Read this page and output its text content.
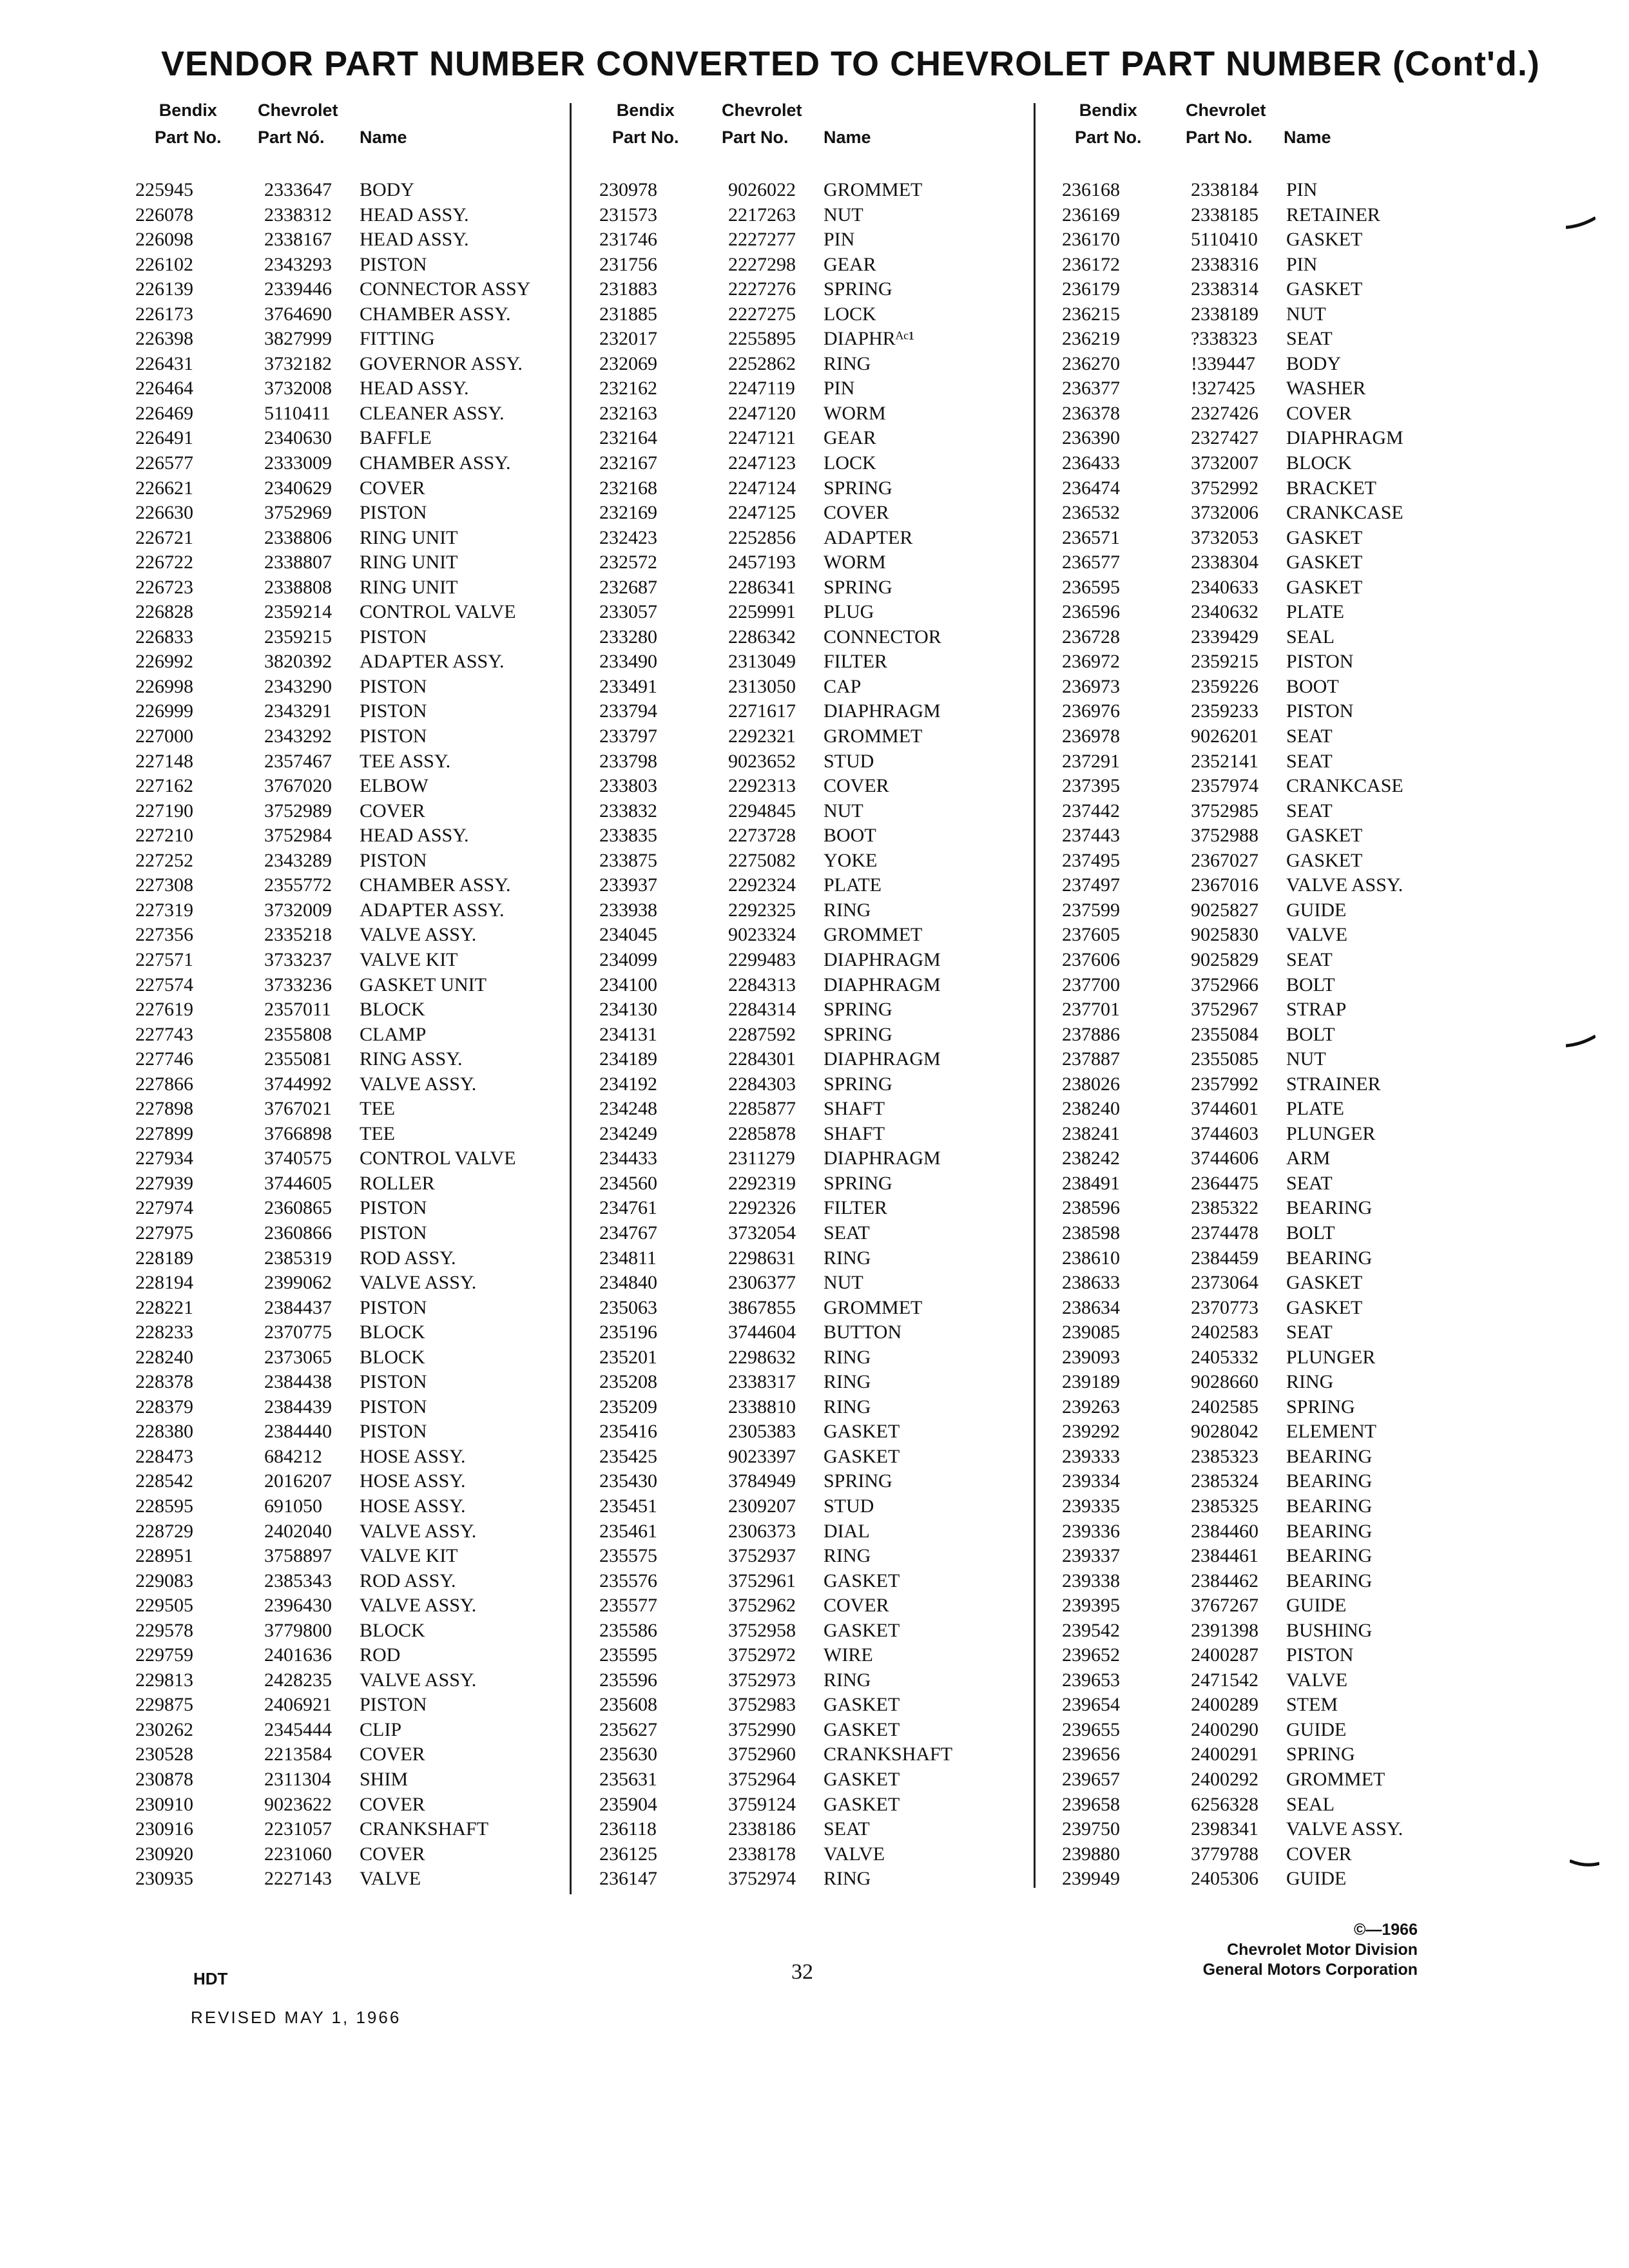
VENDOR PART NUMBER CONVERTED TO CHEVROLET PART NUMBER (Cont'd.)
Bendix
Part No.
Chevrolet
Part Nó.	Name
225945	2333647 BODY
226078	2338312 HEAD ASSY.
226098	2338167 HEAD ASSY.
226102	2343293 PISTON
226139	2339446 CONNECTOR ASSY
226173	3764690 CHAMBER ASSY.
226398	3827999 FITTING
226431	3732182 GOVERNOR ASSY.
226464	3732008 HEAD ASSY.
226469	5110411 CLEANER ASSY.
226491	2340630 BAFFLE
226577	2333009 CHAMBER ASSY.
226621	2340629 COVER
226630	3752969 PISTON
226721	2338806 RING UNIT
226722	2338807 RING UNIT
226723	2338808 RING UNIT
226828	2359214 CONTROL VALVE
226833	2359215 PISTON
226992	3820392 ADAPTER ASSY.
226998	2343290 PISTON
226999	2343291 PISTON
227000	2343292 PISTON
227148	2357467 TEE ASSY.
227162	3767020 ELBOW
227190	3752989 COVER
227210	3752984 HEAD ASSY.
227252	2343289 PISTON
227308	2355772 CHAMBER ASSY.
227319	3732009 ADAPTER ASSY.
227356	2335218 VALVE ASSY.
227571	3733237 VALVE KIT
227574	3733236 GASKET UNIT
227619	2357011 BLOCK
227743	2355808 CLAMP
227746	2355081 RING ASSY.
227866	3744992 VALVE ASSY.
227898	3767021 TEE
227899	3766898 TEE
227934	3740575 CONTROL VALVE
227939	3744605 ROLLER
227974	2360865 PISTON
227975	2360866 PISTON
228189	2385319 ROD ASSY.
228194	2399062 VALVE ASSY.
228221	2384437 PISTON
228233	2370775 BLOCK
228240	2373065 BLOCK
228378	2384438 PISTON
228379	2384439 PISTON
228380	2384440 PISTON
228473	684212 HOSE ASSY.
228542	2016207 HOSE ASSY.
228595	691050 HOSE ASSY.
228729	2402040 VALVE ASSY.
228951	3758897 VALVE KIT
229083	2385343 ROD ASSY.
229505	2396430 VALVE ASSY.
229578	3779800 BLOCK
229759	2401636 ROD
229813	2428235 VALVE ASSY.
229875	2406921 PISTON
230262	2345444 CLIP
230528	2213584 COVER
230878	2311304 SHIM
230910	9023622 COVER
230916	2231057 CRANKSHAFT
230920	2231060 COVER
230935	2227143 VALVE
Bendix
Part No.
Chevrolet
Part No.	Name
230978	9026022 GROMMET
231573	2217263 NUT
231746	2227277 PIN
231756	2227298 GEAR
231883	2227276 SPRING
231885	2227275 LOCK
232017	2255895 DIAPHRᴬᶜ¹
232069	2252862 RING
232162	2247119 PIN
232163	2247120 WORM
232164	2247121 GEAR
232167	2247123 LOCK
232168	2247124 SPRING
232169	2247125 COVER
232423	2252856 ADAPTER
232572	2457193 WORM
232687	2286341 SPRING
233057	2259991 PLUG
233280	2286342 CONNECTOR
233490	2313049 FILTER
233491	2313050 CAP
233794	2271617 DIAPHRAGM
233797	2292321 GROMMET
233798	9023652 STUD
233803	2292313 COVER
233832	2294845 NUT
233835	2273728 BOOT
233875	2275082 YOKE
233937	2292324 PLATE
233938	2292325 RING
234045	9023324 GROMMET
234099	2299483 DIAPHRAGM
234100	2284313 DIAPHRAGM
234130	2284314 SPRING
234131	2287592 SPRING
234189	2284301 DIAPHRAGM
234192	2284303 SPRING
234248	2285877 SHAFT
234249	2285878 SHAFT
234433	2311279 DIAPHRAGM
234560	2292319 SPRING
234761	2292326 FILTER
234767	3732054 SEAT
234811	2298631 RING
234840	2306377 NUT
235063	3867855 GROMMET
235196	3744604 BUTTON
235201	2298632 RING
235208	2338317 RING
235209	2338810 RING
235416	2305383 GASKET
235425	9023397 GASKET
235430	3784949 SPRING
235451	2309207 STUD
235461	2306373 DIAL
235575	3752937 RING
235576	3752961 GASKET
235577	3752962 COVER
235586	3752958 GASKET
235595	3752972 WIRE
235596	3752973 RING
235608	3752983 GASKET
235627	3752990 GASKET
235630	3752960 CRANKSHAFT
235631	3752964 GASKET
235904	3759124 GASKET
236118	2338186 SEAT
236125	2338178 VALVE
236147	3752974 RING
Bendix
Part No.
Chevrolet
Part No.	Name
236168	2338184 PIN
236169	2338185 RETAINER
236170	5110410 GASKET
236172	2338316 PIN
236179	2338314 GASKET
236215	2338189 NUT
236219	?338323 SEAT
236270	!339447 BODY
236377	!327425 WASHER
236378	2327426 COVER
236390	2327427 DIAPHRAGM
236433	3732007 BLOCK
236474	3752992 BRACKET
236532	3732006 CRANKCASE
236571	3732053 GASKET
236577	2338304 GASKET
236595	2340633 GASKET
236596	2340632 PLATE
236728	2339429 SEAL
236972	2359215 PISTON
236973	2359226 BOOT
236976	2359233 PISTON
236978	9026201 SEAT
237291	2352141 SEAT
237395	2357974 CRANKCASE
237442	3752985 SEAT
237443	3752988 GASKET
237495	2367027 GASKET
237497	2367016 VALVE ASSY.
237599	9025827 GUIDE
237605	9025830 VALVE
237606	9025829 SEAT
237700	3752966 BOLT
237701	3752967 STRAP
237886	2355084 BOLT
237887	2355085 NUT
238026	2357992 STRAINER
238240	3744601 PLATE
238241	3744603 PLUNGER
238242	3744606 ARM
238491	2364475 SEAT
238596	2385322 BEARING
238598	2374478 BOLT
238610	2384459 BEARING
238633	2373064 GASKET
238634	2370773 GASKET
239085	2402583 SEAT
239093	2405332 PLUNGER
239189	9028660 RING
239263	2402585 SPRING
239292	9028042 ELEMENT
239333	2385323 BEARING
239334	2385324 BEARING
239335	2385325 BEARING
239336	2384460 BEARING
239337	2384461 BEARING
239338	2384462 BEARING
239395	3767267 GUIDE
239542	2391398 BUSHING
239652	2400287 PISTON
239653	2471542 VALVE
239654	2400289 STEM
239655	2400290 GUIDE
239656	2400291 SPRING
239657	2400292 GROMMET
239658	6256328 SEAL
239750	2398341 VALVE ASSY.
239880	3779788 COVER
239949	2405306 GUIDE
HDT
REVISED MAY 1, 1966
32
©—1966
Chevrolet Motor Division
General Motors Corporation
